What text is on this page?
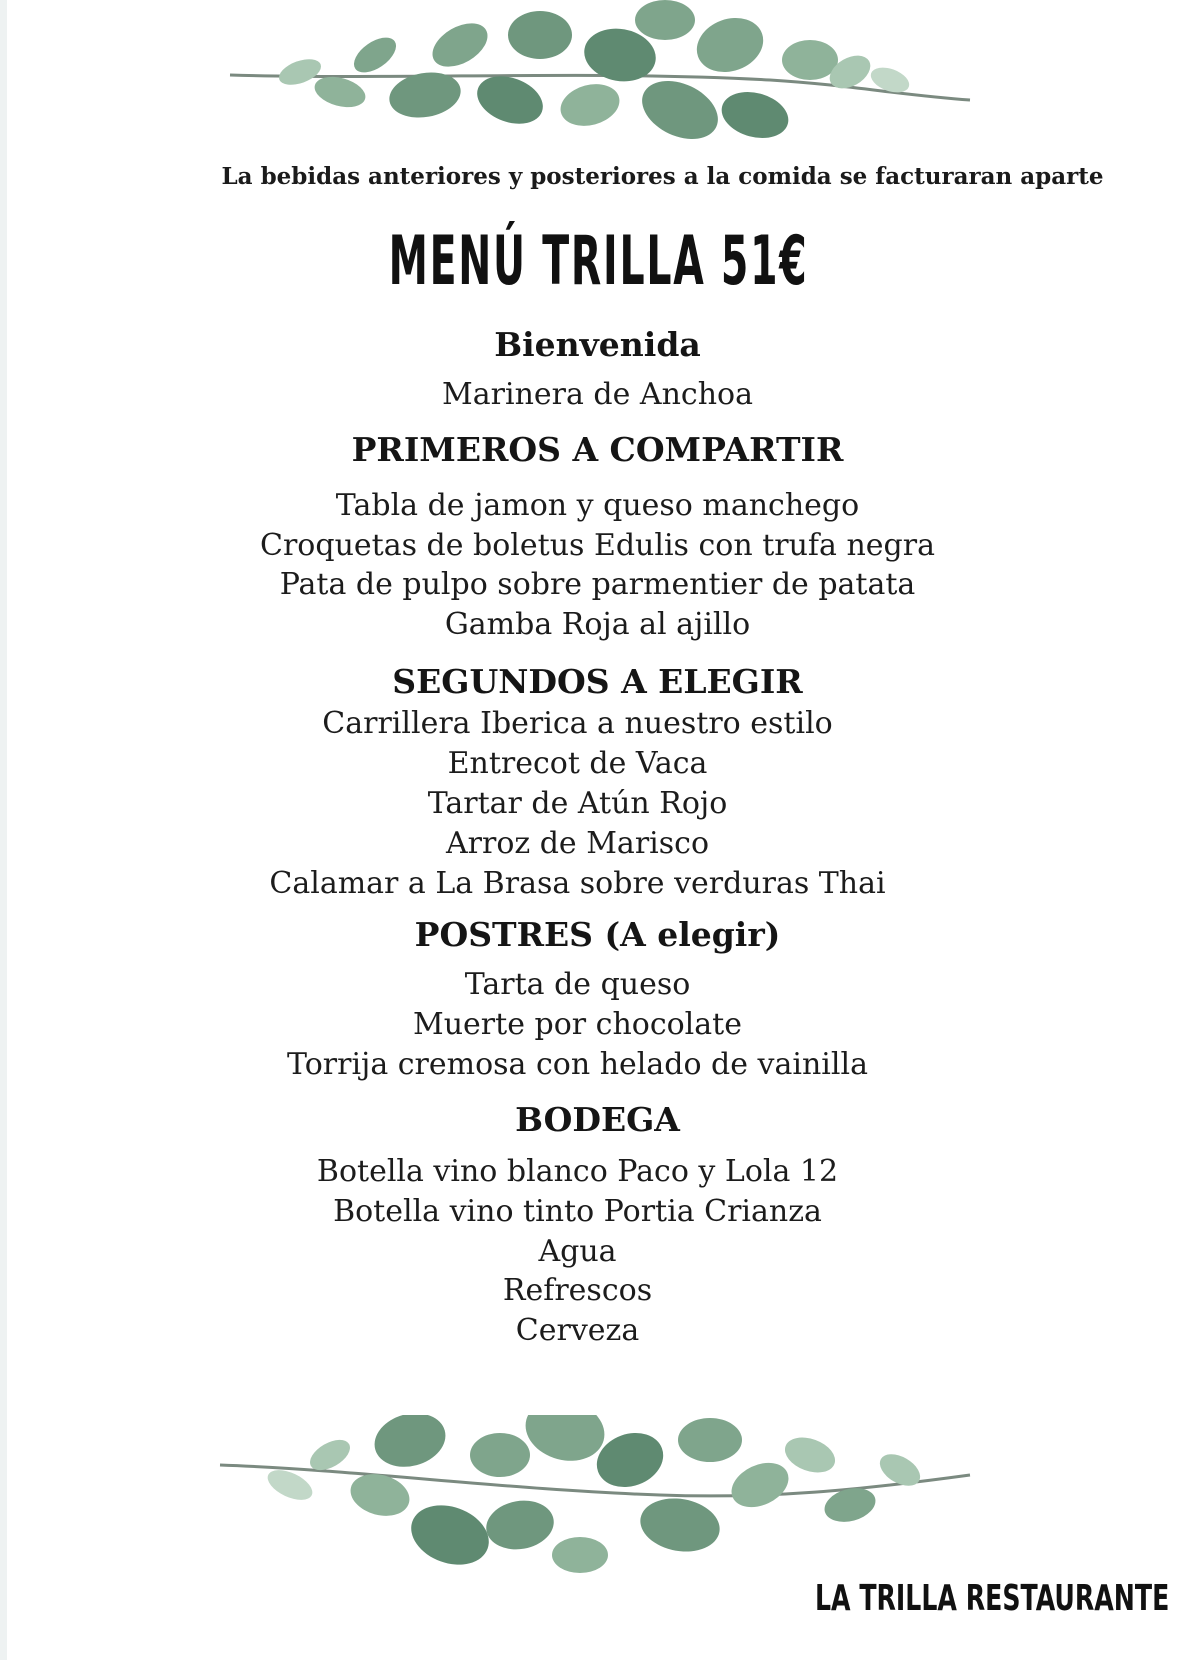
La bebidas anteriores y posteriores a la comida se facturaran aparte
MENÚ TRILLA 51€
Bienvenida
Marinera de Anchoa
PRIMEROS A COMPARTIR
Tabla de jamon y queso manchego
Croquetas de boletus Edulis con trufa negra
Pata de pulpo sobre parmentier de patata
Gamba Roja al ajillo
SEGUNDOS A ELEGIR
Carrillera Iberica a nuestro estilo
Entrecot de Vaca
Tartar de Atún Rojo
Arroz de Marisco
Calamar a La Brasa sobre verduras Thai
POSTRES (A elegir)
Tarta de queso
Muerte por chocolate
Torrija cremosa con helado de vainilla
BODEGA
Botella vino blanco Paco y Lola 12
Botella vino tinto Portia Crianza
Agua
Refrescos
Cerveza
LA TRILLA RESTAURANTE
